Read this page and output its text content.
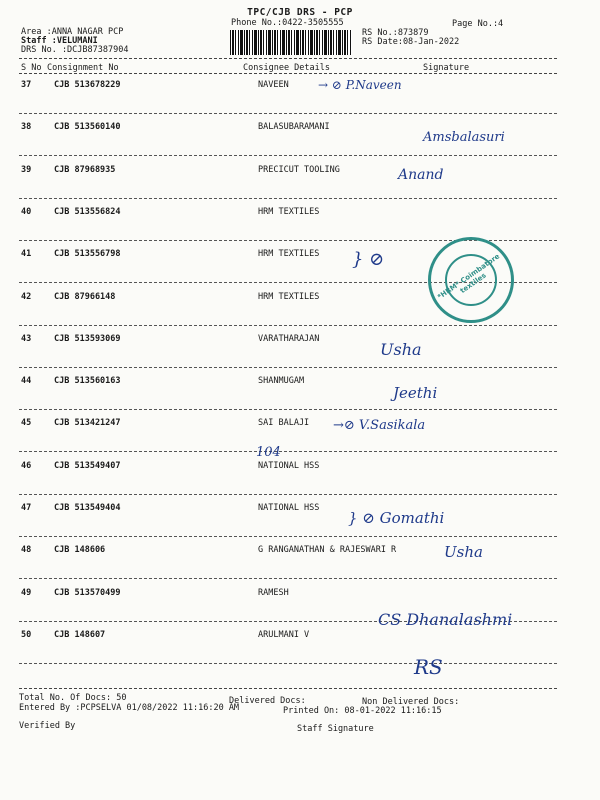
TPC/CJB DRS - PCP
Phone No.:0422-3505555	Page No.:4
Area :ANNA NAGAR PCP
Staff :VELUMANI
DRS No. :DCJB87387904
RS No.:873879
RS Date:08-Jan-2022
S No Consignment No	Consignee Details	Signature
37	CJB 513678229	NAVEEN → ⊘ P.Naveen
38	CJB 513560140	BALASUBARAMANI
Amsbalasuri
39	CJB 87968935	PRECICUT TOOLING	Anand
40	CJB 513556824	HRM TEXTILES
41	CJB 513556798	HRM TEXTILES } ⊘
42	CJB 87966148	HRM TEXTILES
43	CJB 513593069	VARATHARAJAN
Usha
44	CJB 513560163	SHANMUGAM
Jeethi
45	CJB 513421247	SAI BALAJI →⊘ V.Sasikala
46	CJB 513549407	NATIONAL HSS
47	CJB 513549404	NATIONAL HSS
} ⊘ Gomathi
48	CJB 148606	G RANGANATHAN & RAJESWARI R	Usha
49	CJB 513570499	RAMESH
50	CJB 148607	ARULMANI V
CS Dhanalashmi
*HRM* Coimbatore textiles
104
RS
Total No. Of Docs: 50	Delivered Docs:	Non Delivered Docs:
Entered By :PCPSELVA 01/08/2022 11:16:20 AM	Printed On: 08-01-2022 11:16:15
Verified By	Staff Signature
